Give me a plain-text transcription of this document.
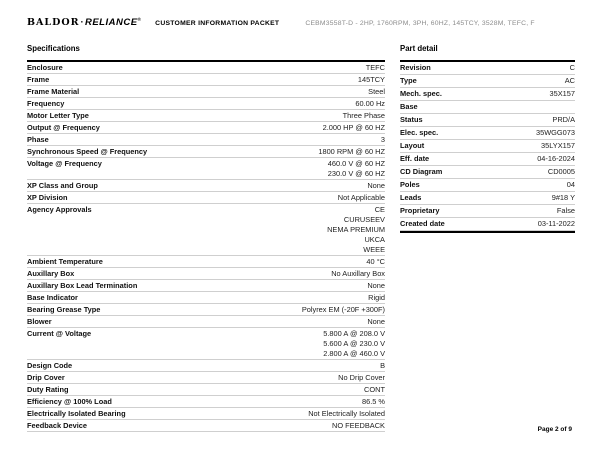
BALDOR·RELIANCE®
CUSTOMER INFORMATION PACKET	CEBM3558T-D - 2HP, 1760RPM, 3PH, 60HZ, 145TCY, 3528M, TEFC, F
Specifications
Enclosure	TEFC
Frame	145TCY
Frame Material	Steel
Frequency	60.00 Hz
Motor Letter Type	Three Phase
Output @ Frequency	2.000 HP @ 60 HZ
Phase	3
Synchronous Speed @ Frequency	1800 RPM @ 60 HZ
Voltage @ Frequency	460.0 V @ 60 HZ
230.0 V @ 60 HZ
XP Class and Group	None
XP Division	Not Applicable
Agency Approvals	CE
CURUSEEV
NEMA PREMIUM
UKCA
WEEE
Ambient Temperature	40 °C
Auxillary Box	No Auxillary Box
Auxillary Box Lead Termination	None
Base Indicator	Rigid
Bearing Grease Type	Polyrex EM (-20F +300F)
Blower	None
Current @ Voltage	5.800 A @ 208.0 V
5.600 A @ 230.0 V
2.800 A @ 460.0 V
Design Code	B
Drip Cover	No Drip Cover
Duty Rating	CONT
Efficiency @ 100% Load	86.5 %
Electrically Isolated Bearing	Not Electrically Isolated
Feedback Device	NO FEEDBACK
Part detail
Revision	C
Type	AC
Mech. spec.	35X157
Base
Status	PRD/A
Elec. spec.	35WGG073
Layout	35LYX157
Eff. date	04-16-2024
CD Diagram	CD0005
Poles	04
Leads	9#18 Y
Proprietary	False
Created date	03-11-2022
Page 2 of 9
